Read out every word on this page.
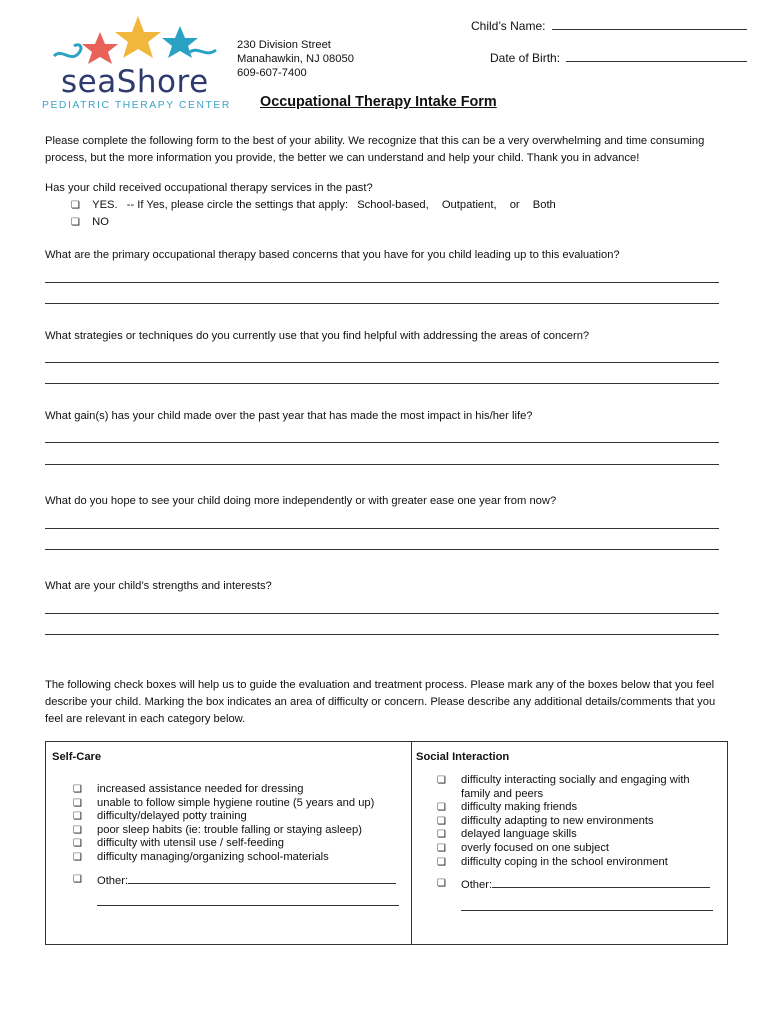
seaShore
PEDIATRIC THERAPY CENTER
230 Division Street
Manahawkin, NJ 08050
609-607-7400
Child’s Name:
Date of Birth:
Occupational Therapy Intake Form
Please complete the following form to the best of your ability. We recognize that this can be a very overwhelming and time consuming
process, but the more information you provide, the better we can understand and help your child. Thank you in advance!
Has your child received occupational therapy services in the past?
❏ YES. -- If Yes, please circle the settings that apply: School-based, Outpatient, or Both
❏ NO
What are the primary occupational therapy based concerns that you have for you child leading up to this evaluation?
What strategies or techniques do you currently use that you find helpful with addressing the areas of concern?
What gain(s) has your child made over the past year that has made the most impact in his/her life?
What do you hope to see your child doing more independently or with greater ease one year from now?
What are your child’s strengths and interests?
The following check boxes will help us to guide the evaluation and treatment process. Please mark any of the boxes below that you feel
describe your child. Marking the box indicates an area of difficulty or concern. Please describe any additional details/comments that you
feel are relevant in each category below.
Self-Care
❏ increased assistance needed for dressing
❏ unable to follow simple hygiene routine (5 years and up)
❏ difficulty/delayed potty training
❏ poor sleep habits (ie: trouble falling or staying asleep)
❏ difficulty with utensil use / self-feeding
❏ difficulty managing/organizing school-materials
❏ Other:
Social Interaction
❏ difficulty interacting socially and engaging with
family and peers
❏ difficulty making friends
❏ difficulty adapting to new environments
❏ delayed language skills
❏ overly focused on one subject
❏ difficulty coping in the school environment
❏ Other:
